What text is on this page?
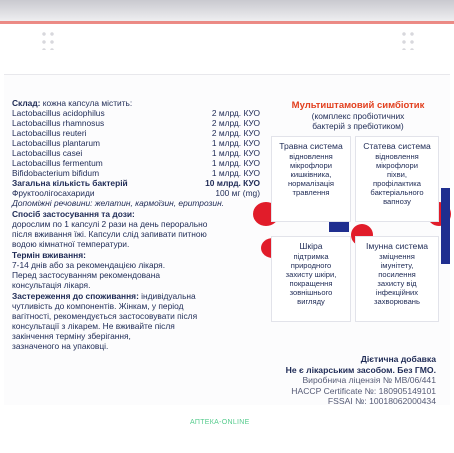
Склад: кожна капсула містить:
Lactobacillus acidophilus	2 млрд. КУО
Lactobacillus rhamnosus	2 млрд. КУО
Lactobacillus reuteri	2 млрд. КУО
Lactobacillus plantarum	1 млрд. КУО
Lactobacillus casei	1 млрд. КУО
Lactobacillus fermentum	1 млрд. КУО
Bifidobacterium bifidum	1 млрд. КУО
Загальна кількість бактерій	10 млрд. КУО
Фруктоолігосахариди	100 мг (mg)
Допоміжні речовини: желатин, кармоїзин, еритрозин.
Спосіб застосування та дози:
дорослим по 1 капсулі 2 рази на день перорально
після вживання їжі. Капсули слід запивати питною
водою кімнатної температури.
Термін вживання:
7-14 днів або за рекомендацією лікаря.
Перед застосуванням рекомендована
консультація лікаря.
Застереження до споживання: індивідуальна
чутливість до компонентів. Жінкам, у період
вагітності, рекомендується застосовувати після
консультації з лікарем. Не вживайте після
закінчення терміну зберігання,
зазначеного на упаковці.
Мультиштамовий симбіотик
(комплекс пробіотичних
бактерій з пребіотиком)
Травна система
відновлення
мікрофлори
кишківника,
нормалізація
травлення
Статева система
відновлення
мікрофлори
піхви,
профілактика
бактеріального
вапнозу
Шкіра
підтримка
природного
захисту шкіри,
покращення
зовнішнього
вигляду
Імунна система
зміцнення
імунітету,
посилення
захисту від
інфекційних
захворювань
Дієтична добавка
Не є лікарським засобом. Без ГМО.
Виробнича ліцензія № МВ/06/441
HACCP Certificate №: 180905149101
FSSAI №: 10018062000434
АПТЕКА-ONLINE
